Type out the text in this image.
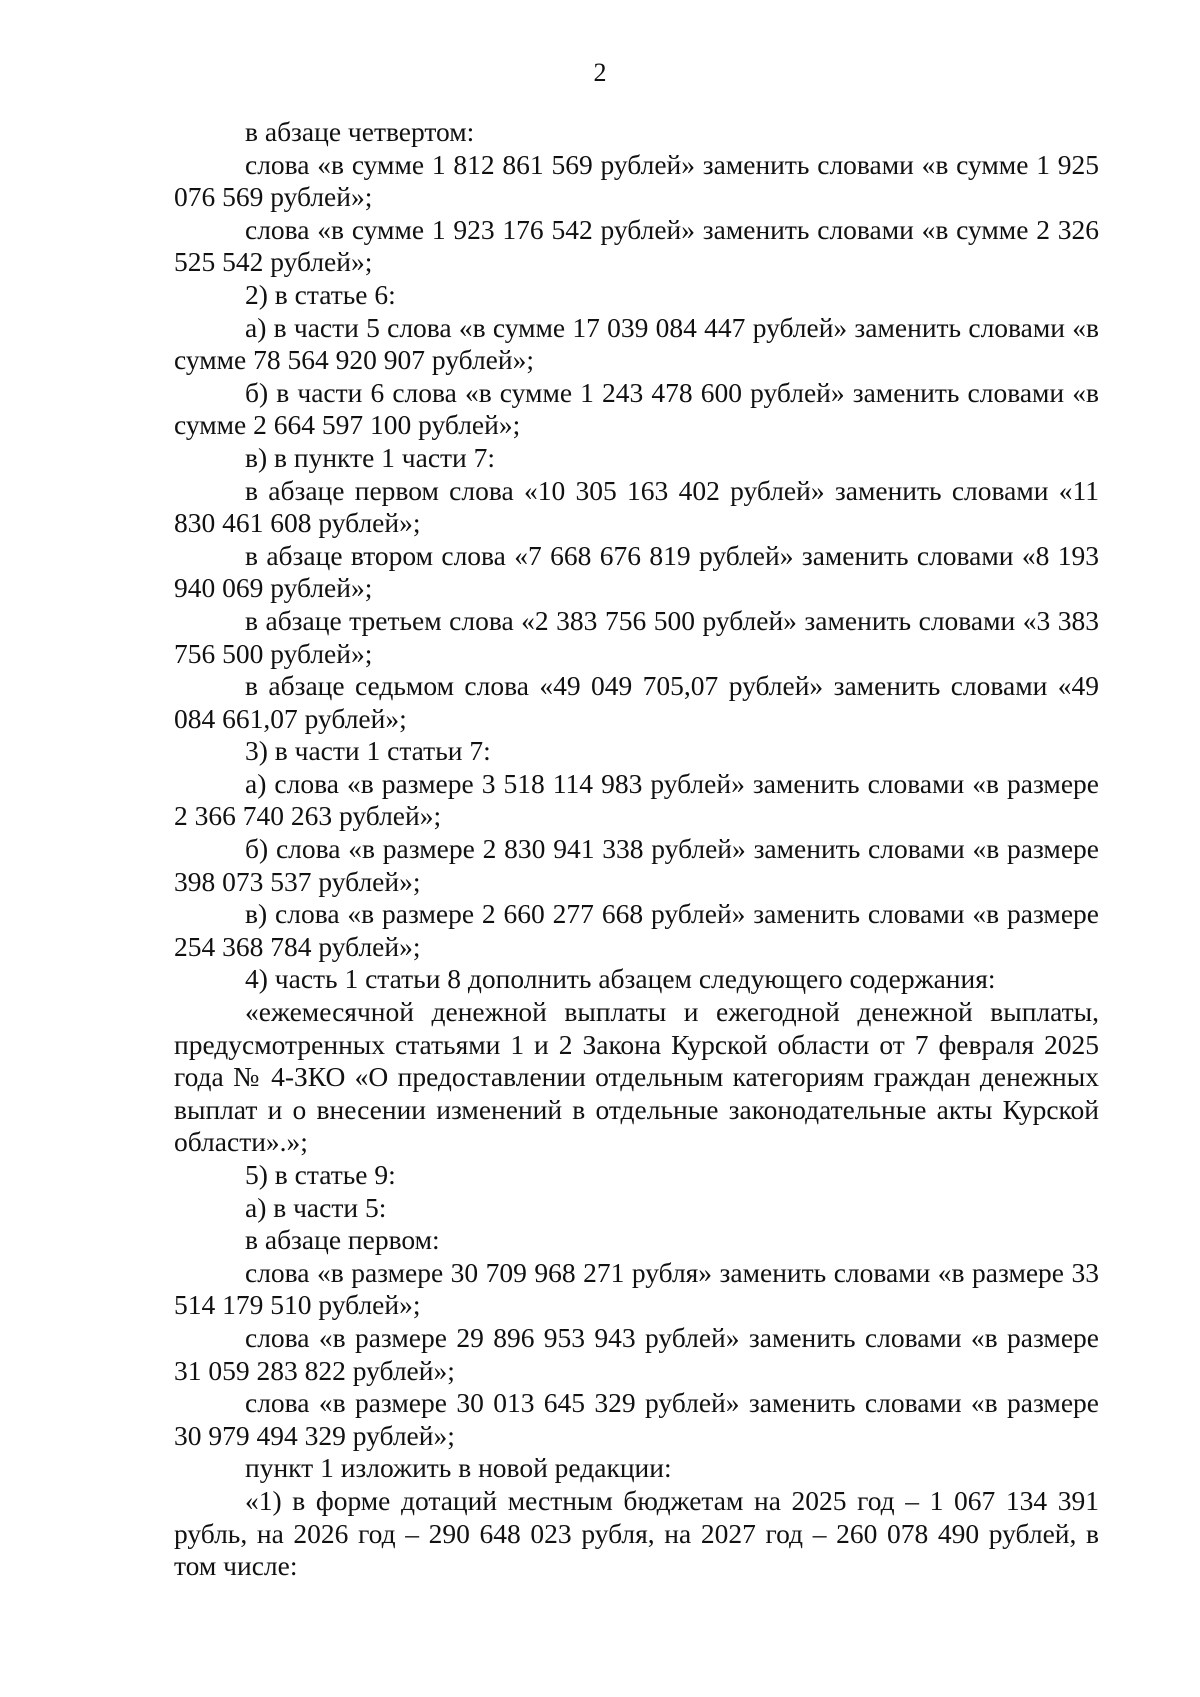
2

в абзаце четвертом:

слова «в сумме 1 812 861 569 рублей» заменить словами «в сумме 1 925 076 569 рублей»;

слова «в сумме 1 923 176 542 рублей» заменить словами «в сумме 2 326 525 542 рублей»;

2) в статье 6:

а) в части 5 слова «в сумме 17 039 084 447 рублей» заменить словами «в сумме 78 564 920 907 рублей»;

б) в части 6 слова «в сумме 1 243 478 600 рублей» заменить словами «в сумме 2 664 597 100 рублей»;

в) в пункте 1 части 7:

в абзаце первом слова «10 305 163 402 рублей» заменить словами «11 830 461 608 рублей»;

в абзаце втором слова «7 668 676 819 рублей» заменить словами «8 193 940 069 рублей»;

в абзаце третьем слова «2 383 756 500 рублей» заменить словами «3 383 756 500 рублей»;

в абзаце седьмом слова «49 049 705,07 рублей» заменить словами «49 084 661,07 рублей»;

3) в части 1 статьи 7:

а) слова «в размере 3 518 114 983 рублей» заменить словами «в размере 2 366 740 263 рублей»;

б) слова «в размере 2 830 941 338 рублей» заменить словами «в размере 398 073 537 рублей»;

в) слова «в размере 2 660 277 668 рублей» заменить словами «в размере 254 368 784 рублей»;

4) часть 1 статьи 8 дополнить абзацем следующего содержания:

«ежемесячной денежной выплаты и ежегодной денежной выплаты, предусмотренных статьями 1 и 2 Закона Курской области от 7 февраля 2025 года № 4-ЗКО «О предоставлении отдельным категориям граждан денежных выплат и о внесении изменений в отдельные законодательные акты Курской области».»;

5) в статье 9:

а) в части 5:

в абзаце первом:

слова «в размере 30 709 968 271 рубля» заменить словами «в размере 33 514 179 510 рублей»;

слова «в размере 29 896 953 943 рублей» заменить словами «в размере 31 059 283 822 рублей»;

слова «в размере 30 013 645 329 рублей» заменить словами «в размере 30 979 494 329 рублей»;

пункт 1 изложить в новой редакции:

«1) в форме дотаций местным бюджетам на 2025 год – 1 067 134 391 рубль, на 2026 год – 290 648 023 рубля, на 2027 год – 260 078 490 рублей, в том числе:
